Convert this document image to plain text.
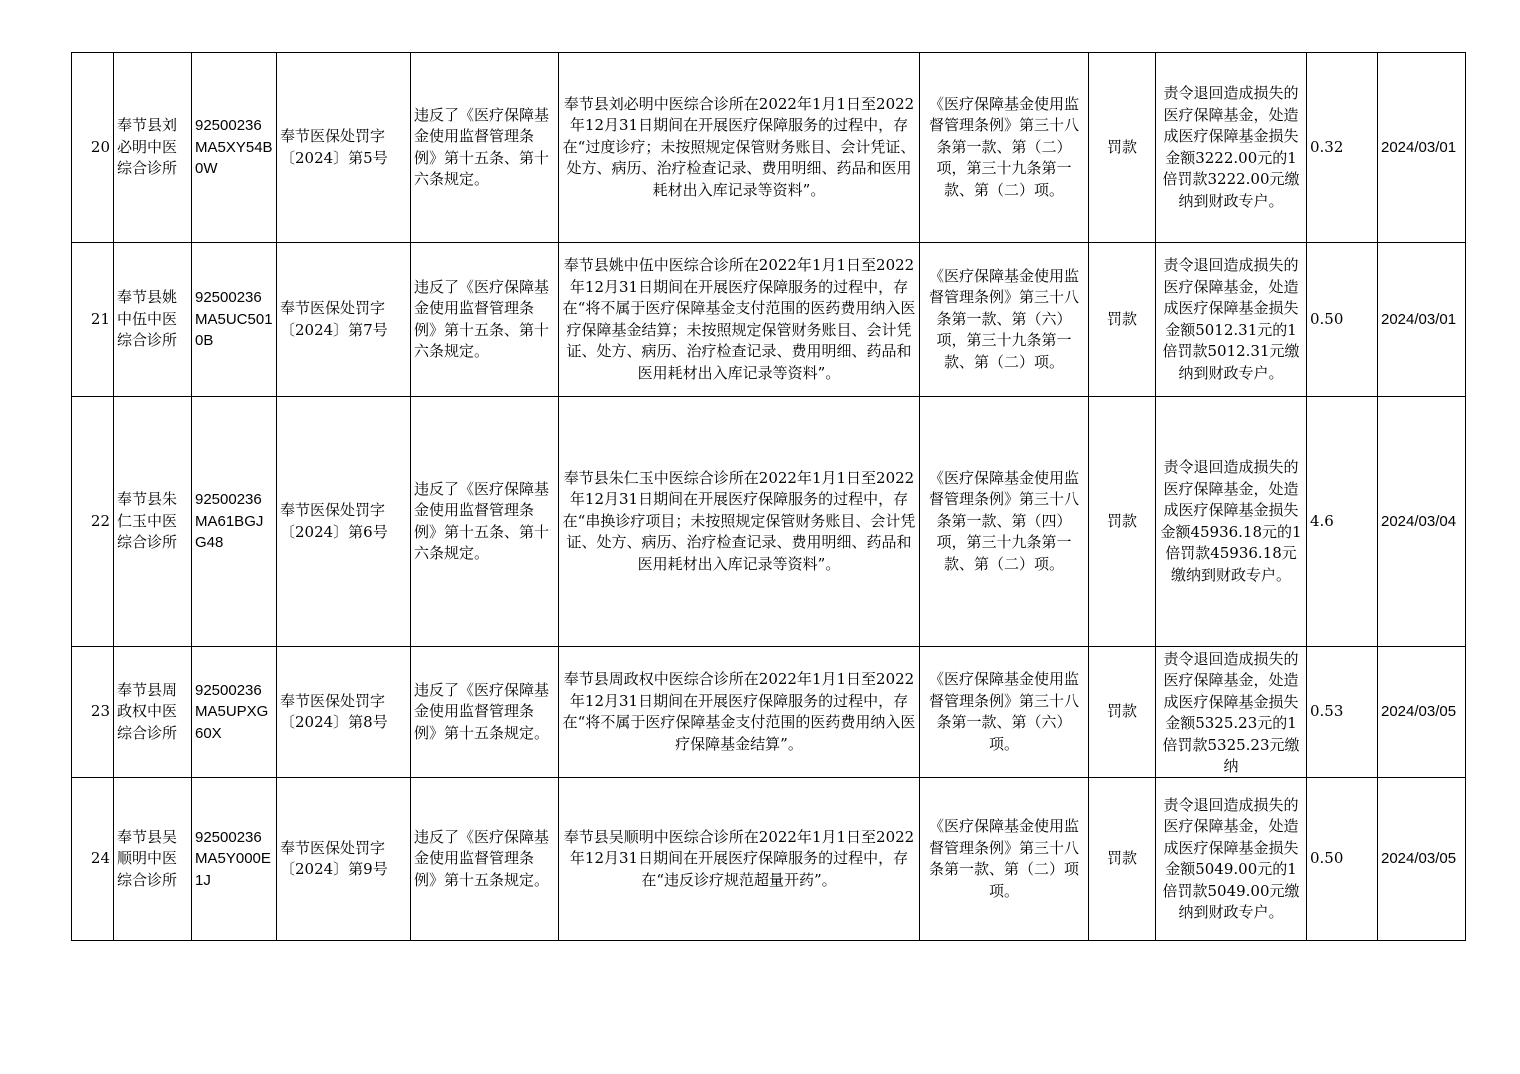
20	奉节县刘必明中医综合诊所	92500236MA5XY54B0W	奉节医保处罚字〔2024〕第5号	违反了《医疗保障基金使用监督管理条例》第十五条、第十六条规定。	奉节县刘必明中医综合诊所在2022年1月1日至2022年12月31日期间在开展医疗保障服务的过程中，存在“过度诊疗；未按照规定保管财务账目、会计凭证、处方、病历、治疗检查记录、费用明细、药品和医用耗材出入库记录等资料”。	《医疗保障基金使用监督管理条例》第三十八条第一款、第（二）项，第三十九条第一款、第（二）项。	罚款	责令退回造成损失的医疗保障基金，处造成医疗保障基金损失金额3222.00元的1倍罚款3222.00元缴纳到财政专户。	0.32	2024/03/01
21	奉节县姚中伍中医综合诊所	92500236MA5UC5010B	奉节医保处罚字〔2024〕第7号	违反了《医疗保障基金使用监督管理条例》第十五条、第十六条规定。	奉节县姚中伍中医综合诊所在2022年1月1日至2022年12月31日期间在开展医疗保障服务的过程中，存在“将不属于医疗保障基金支付范围的医药费用纳入医疗保障基金结算；未按照规定保管财务账目、会计凭证、处方、病历、治疗检查记录、费用明细、药品和医用耗材出入库记录等资料”。	《医疗保障基金使用监督管理条例》第三十八条第一款、第（六）项，第三十九条第一款、第（二）项。	罚款	责令退回造成损失的医疗保障基金，处造成医疗保障基金损失金额5012.31元的1倍罚款5012.31元缴纳到财政专户。	0.50	2024/03/01
22	奉节县朱仁玉中医综合诊所	92500236MA61BGJG48	奉节医保处罚字〔2024〕第6号	违反了《医疗保障基金使用监督管理条例》第十五条、第十六条规定。	奉节县朱仁玉中医综合诊所在2022年1月1日至2022年12月31日期间在开展医疗保障服务的过程中，存在“串换诊疗项目；未按照规定保管财务账目、会计凭证、处方、病历、治疗检查记录、费用明细、药品和医用耗材出入库记录等资料”。	《医疗保障基金使用监督管理条例》第三十八条第一款、第（四）项，第三十九条第一款、第（二）项。	罚款	责令退回造成损失的医疗保障基金，处造成医疗保障基金损失金额45936.18元的1倍罚款45936.18元缴纳到财政专户。	4.6	2024/03/04
23	奉节县周政权中医综合诊所	92500236MA5UPXG60X	奉节医保处罚字〔2024〕第8号	违反了《医疗保障基金使用监督管理条例》第十五条规定。	奉节县周政权中医综合诊所在2022年1月1日至2022年12月31日期间在开展医疗保障服务的过程中，存在“将不属于医疗保障基金支付范围的医药费用纳入医疗保障基金结算”。	《医疗保障基金使用监督管理条例》第三十八条第一款、第（六）项。	罚款	责令退回造成损失的医疗保障基金，处造成医疗保障基金损失金额5325.23元的1倍罚款5325.23元缴纳	0.53	2024/03/05
24	奉节县吴顺明中医综合诊所	92500236MA5Y000E1J	奉节医保处罚字〔2024〕第9号	违反了《医疗保障基金使用监督管理条例》第十五条规定。	奉节县吴顺明中医综合诊所在2022年1月1日至2022年12月31日期间在开展医疗保障服务的过程中，存在“违反诊疗规范超量开药”。	《医疗保障基金使用监督管理条例》第三十八条第一款、第（二）项项。	罚款	责令退回造成损失的医疗保障基金，处造成医疗保障基金损失金额5049.00元的1倍罚款5049.00元缴纳到财政专户。	0.50	2024/03/05
